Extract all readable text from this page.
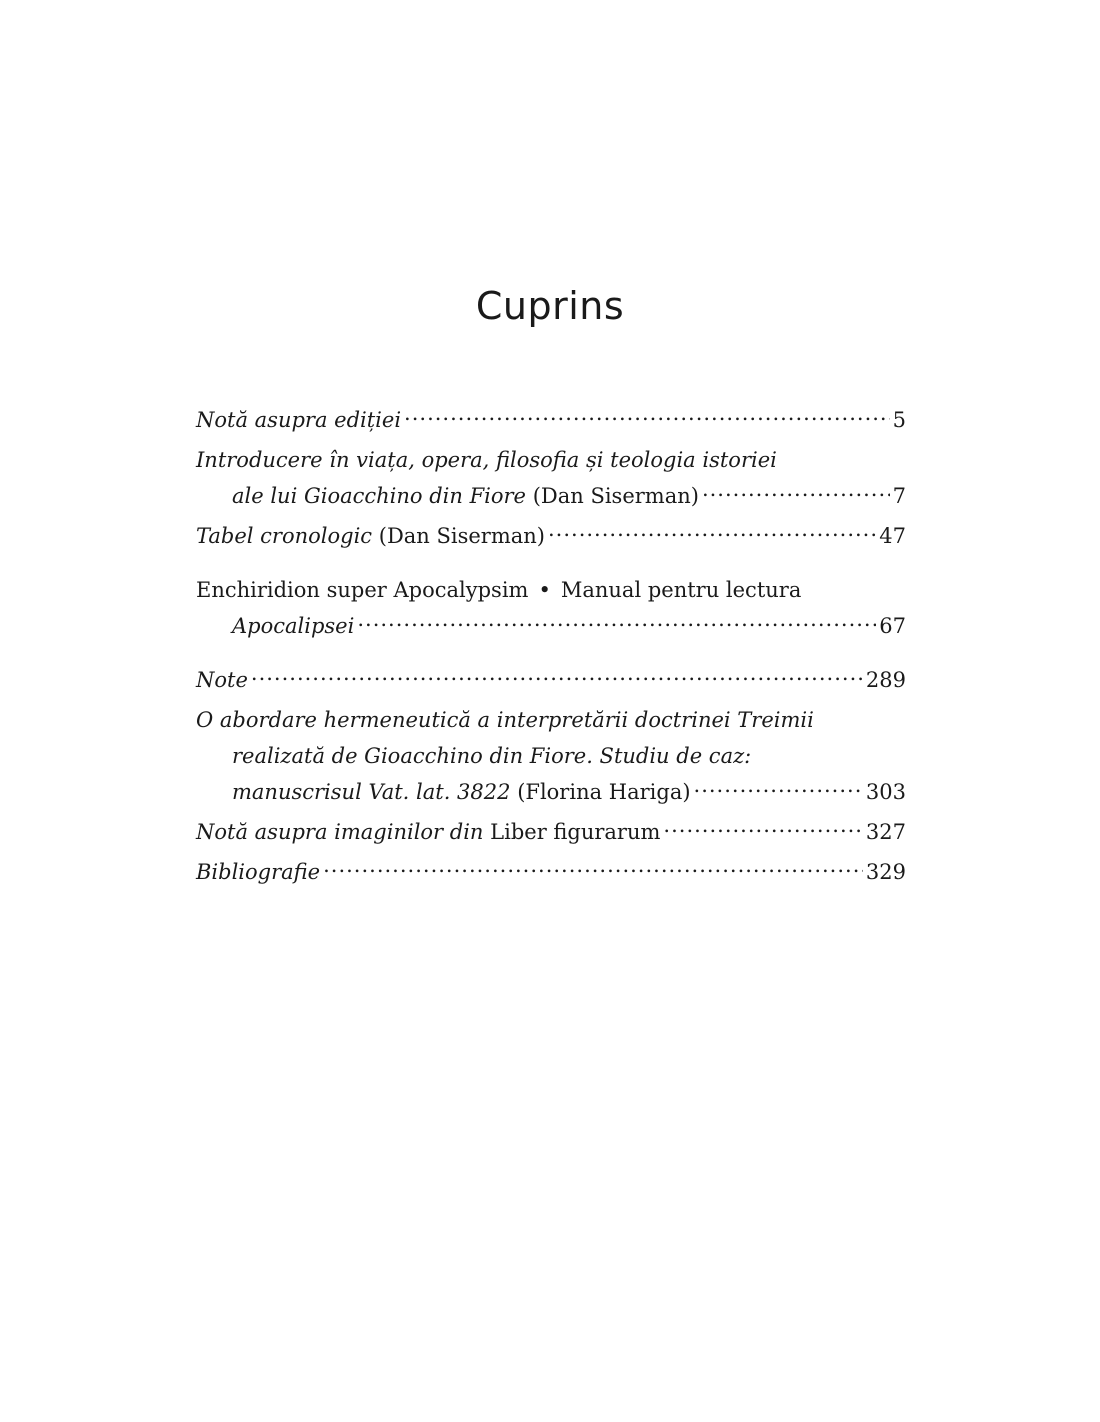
Cuprins
Notă asupra ediției .....	5
Introducere în viața, opera, filosofia și teologia istoriei
ale lui Gioacchino din Fiore
(Dan Siserman) .....	7
Tabel cronologic
(Dan Siserman) .....	47
Enchiridion super Apocalypsim • Manual pentru lectura
Apocalipsei .....	67
Note .....	289
O abordare hermeneutică a interpretării doctrinei Treimii
realizată de Gioacchino din Fiore. Studiu de caz:
manuscrisul Vat. lat. 3822
(Florina Hariga) .....	303
Notă asupra imaginilor din
Liber figurarum .....	327
Bibliografie .....	329
